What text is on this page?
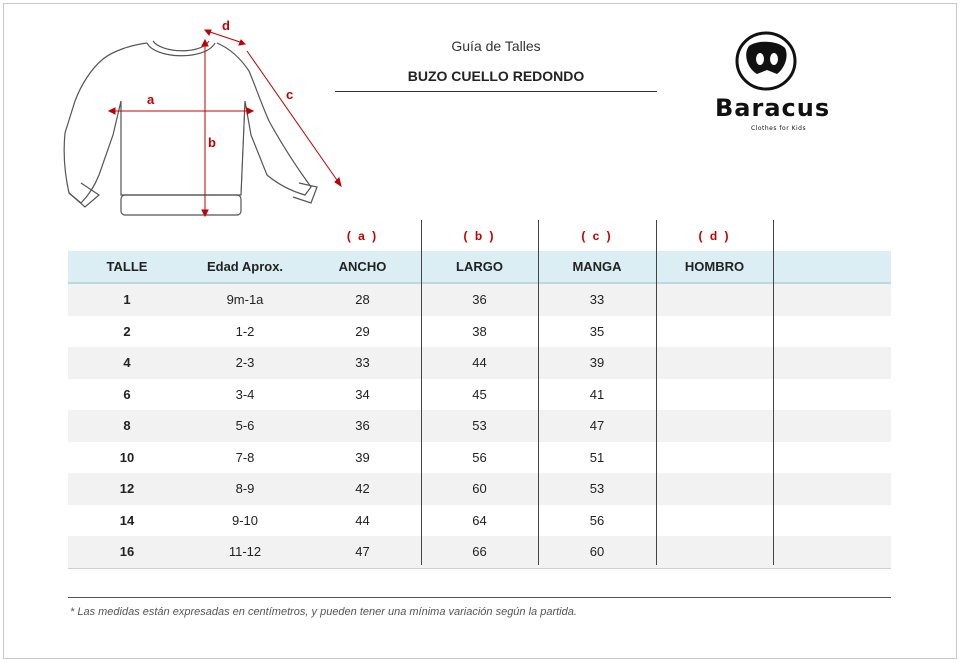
a
b
c
d
Guía de Talles
BUZO CUELLO REDONDO
Baracus
Clothes for Kids
( a )	( b )	( c )	( d )
TALLE	Edad Aprox.	ANCHO	LARGO	MANGA	HOMBRO	
1	9m-1a	28	36	33		
2	1-2	29	38	35		
4	2-3	33	44	39		
6	3-4	34	45	41		
8	5-6	36	53	47		
10	7-8	39	56	51		
12	8-9	42	60	53		
14	9-10	44	64	56		
16	11-12	47	66	60		
* Las medidas están expresadas en centímetros, y pueden tener una mínima variación según la partida.
